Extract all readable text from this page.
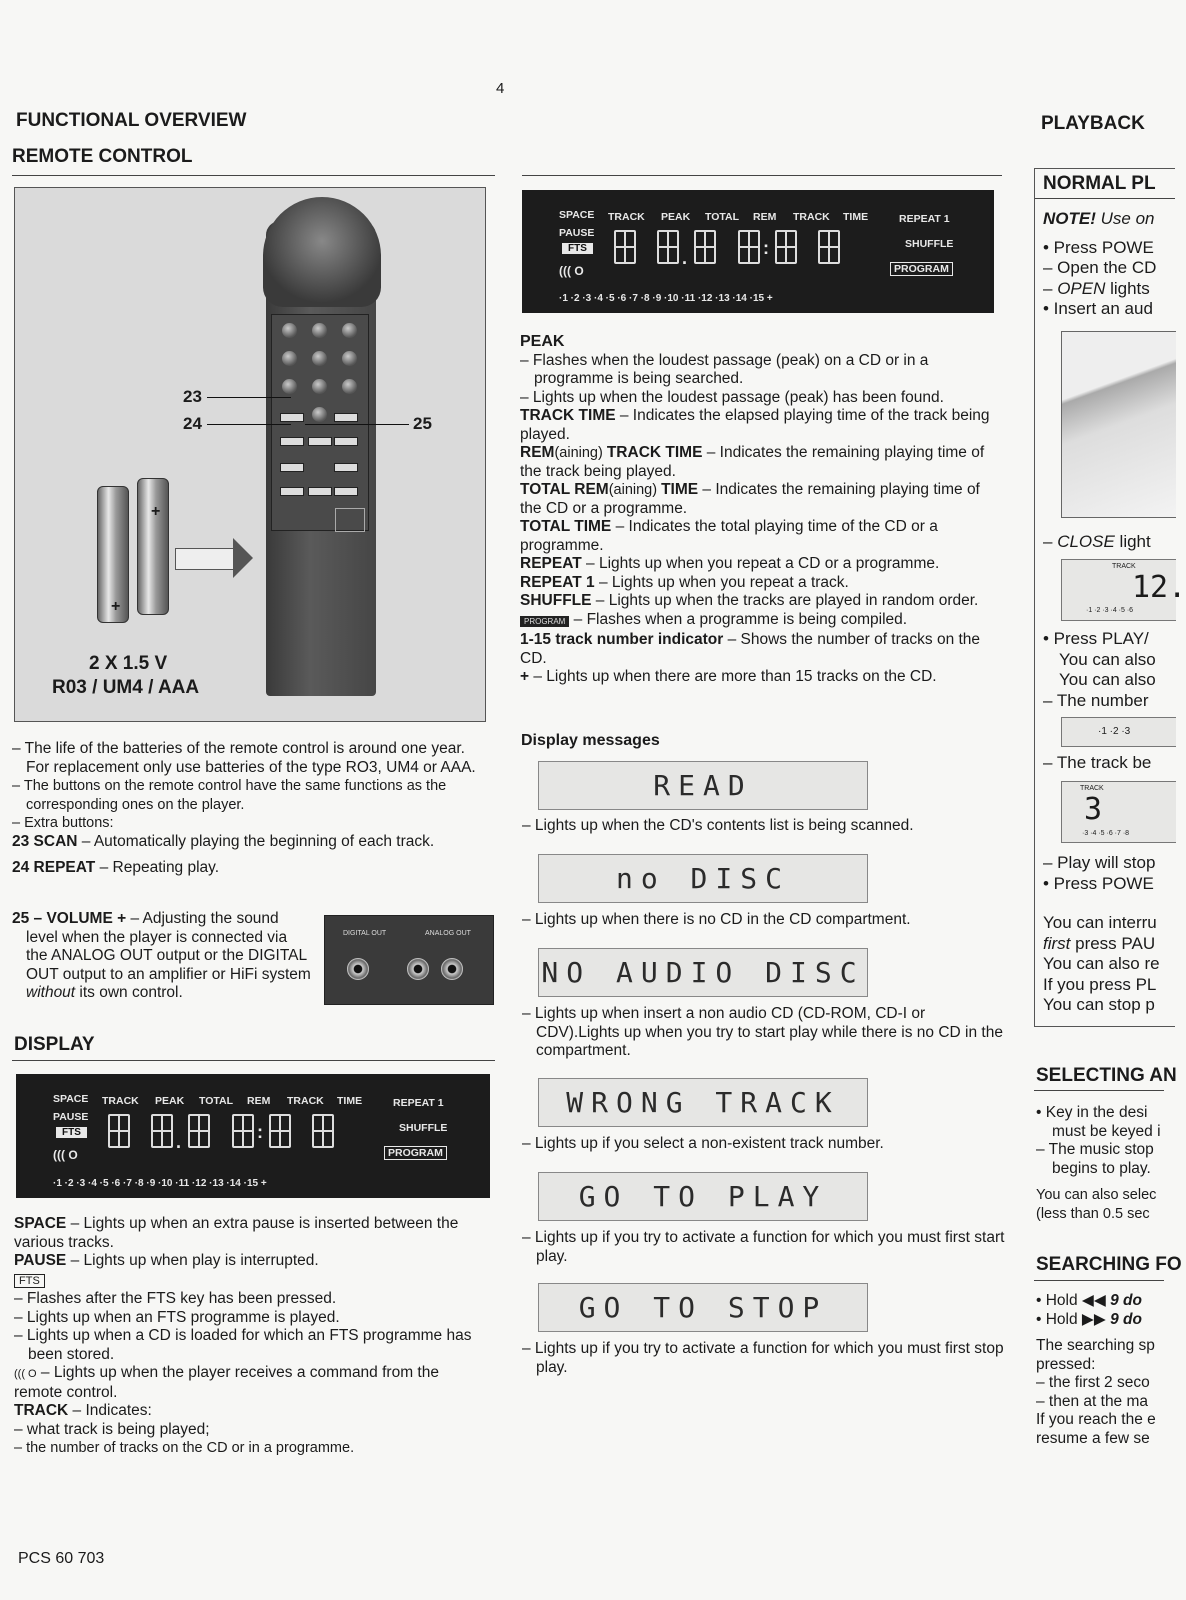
4
FUNCTIONAL OVERVIEW
REMOTE CONTROL
23
24	25
+
+
2 X 1.5 V
R03 / UM4 / AAA

– The life of the batteries of the remote control is around one year. For replacement only use batteries of the type RO3, UM4 or AAA.

– The buttons on the remote control have the same functions as the corresponding ones on the player.

– Extra buttons:

23 SCAN – Automatically playing the beginning of each track.

24 REPEAT – Repeating play.

25 – VOLUME + – Adjusting the sound level when the player is connected via the ANALOG OUT output or the DIGITAL OUT output to an amplifier or HiFi system without its own control.

DIGITAL OUT	ANALOG OUT
DISPLAY
SPACE TRACK PEAK TOTAL REM TRACK TIME	REPEAT 1
PAUSE
FTS
((( O
SHUFFLE
PROGRAM
.	:
·1 ·2 ·3 ·4 ·5 ·6 ·7 ·8 ·9 ·10 ·11 ·12 ·13 ·14 ·15 +

SPACE – Lights up when an extra pause is inserted between the various tracks.

PAUSE – Lights up when play is interrupted.

FTS

– Flashes after the FTS key has been pressed.

– Lights up when an FTS programme is played.

– Lights up when a CD is loaded for which an FTS programme has been stored.

((( O – Lights up when the player receives a command from the remote control.

TRACK – Indicates:

– what track is being played;

– the number of tracks on the CD or in a programme.

PCS 60 703
SPACE TRACK PEAK TOTAL REM TRACK TIME	REPEAT 1
PAUSE
FTS
((( O
SHUFFLE
PROGRAM
.	:
·1 ·2 ·3 ·4 ·5 ·6 ·7 ·8 ·9 ·10 ·11 ·12 ·13 ·14 ·15 +

PEAK

– Flashes when the loudest passage (peak) on a CD or in a programme is being searched.

– Lights up when the loudest passage (peak) has been found.

TRACK TIME – Indicates the elapsed playing time of the track being played.

REM(aining) TRACK TIME – Indicates the remaining playing time of the track being played.

TOTAL REM(aining) TIME – Indicates the remaining playing time of the CD or a programme.

TOTAL TIME – Indicates the total playing time of the CD or a programme.

REPEAT – Lights up when you repeat a CD or a programme.

REPEAT 1 – Lights up when you repeat a track.

SHUFFLE – Lights up when the tracks are played in random order.

PROGRAM – Flashes when a programme is being compiled.

1-15 track number indicator – Shows the number of tracks on the CD.

+ – Lights up when there are more than 15 tracks on the CD.

Display messages
READ
– Lights up when the CD's contents list is being scanned.
no DISC
– Lights up when there is no CD in the CD compartment.
NO AUDIO DISC
– Lights up when insert a non audio CD (CD-ROM, CD-I or CDV).Lights up when you try to start play while there is no CD in the compartment.
WRONG TRACK
– Lights up if you select a non-existent track number.
GO TO PLAY
– Lights up if you try to activate a function for which you must first start play.
GO TO STOP
– Lights up if you try to activate a function for which you must first stop play.
PLAYBACK
NORMAL PL

NOTE! Use on

• Press POWE

– Open the CD

– OPEN lights

• Insert an aud

– CLOSE light
TRACK
12.
·1 ·2 ·3 ·4 ·5 ·6

• Press PLAY/

You can also

You can also

– The number

·1 ·2 ·3
– The track be
TRACK
3
·3 ·4 ·5 ·6 ·7 ·8

– Play will stop

• Press POWE

You can interru

first press PAU

You can also re

If you press PL

You can stop p

SELECTING AN

• Key in the desi

must be keyed i

– The music stop

begins to play.

You can also selec

(less than 0.5 sec

SEARCHING FO

• Hold ◀◀ 9 do

• Hold ▶▶ 9 do

The searching sp

pressed:

– the first 2 seco

– then at the ma

If you reach the e

resume a few se
